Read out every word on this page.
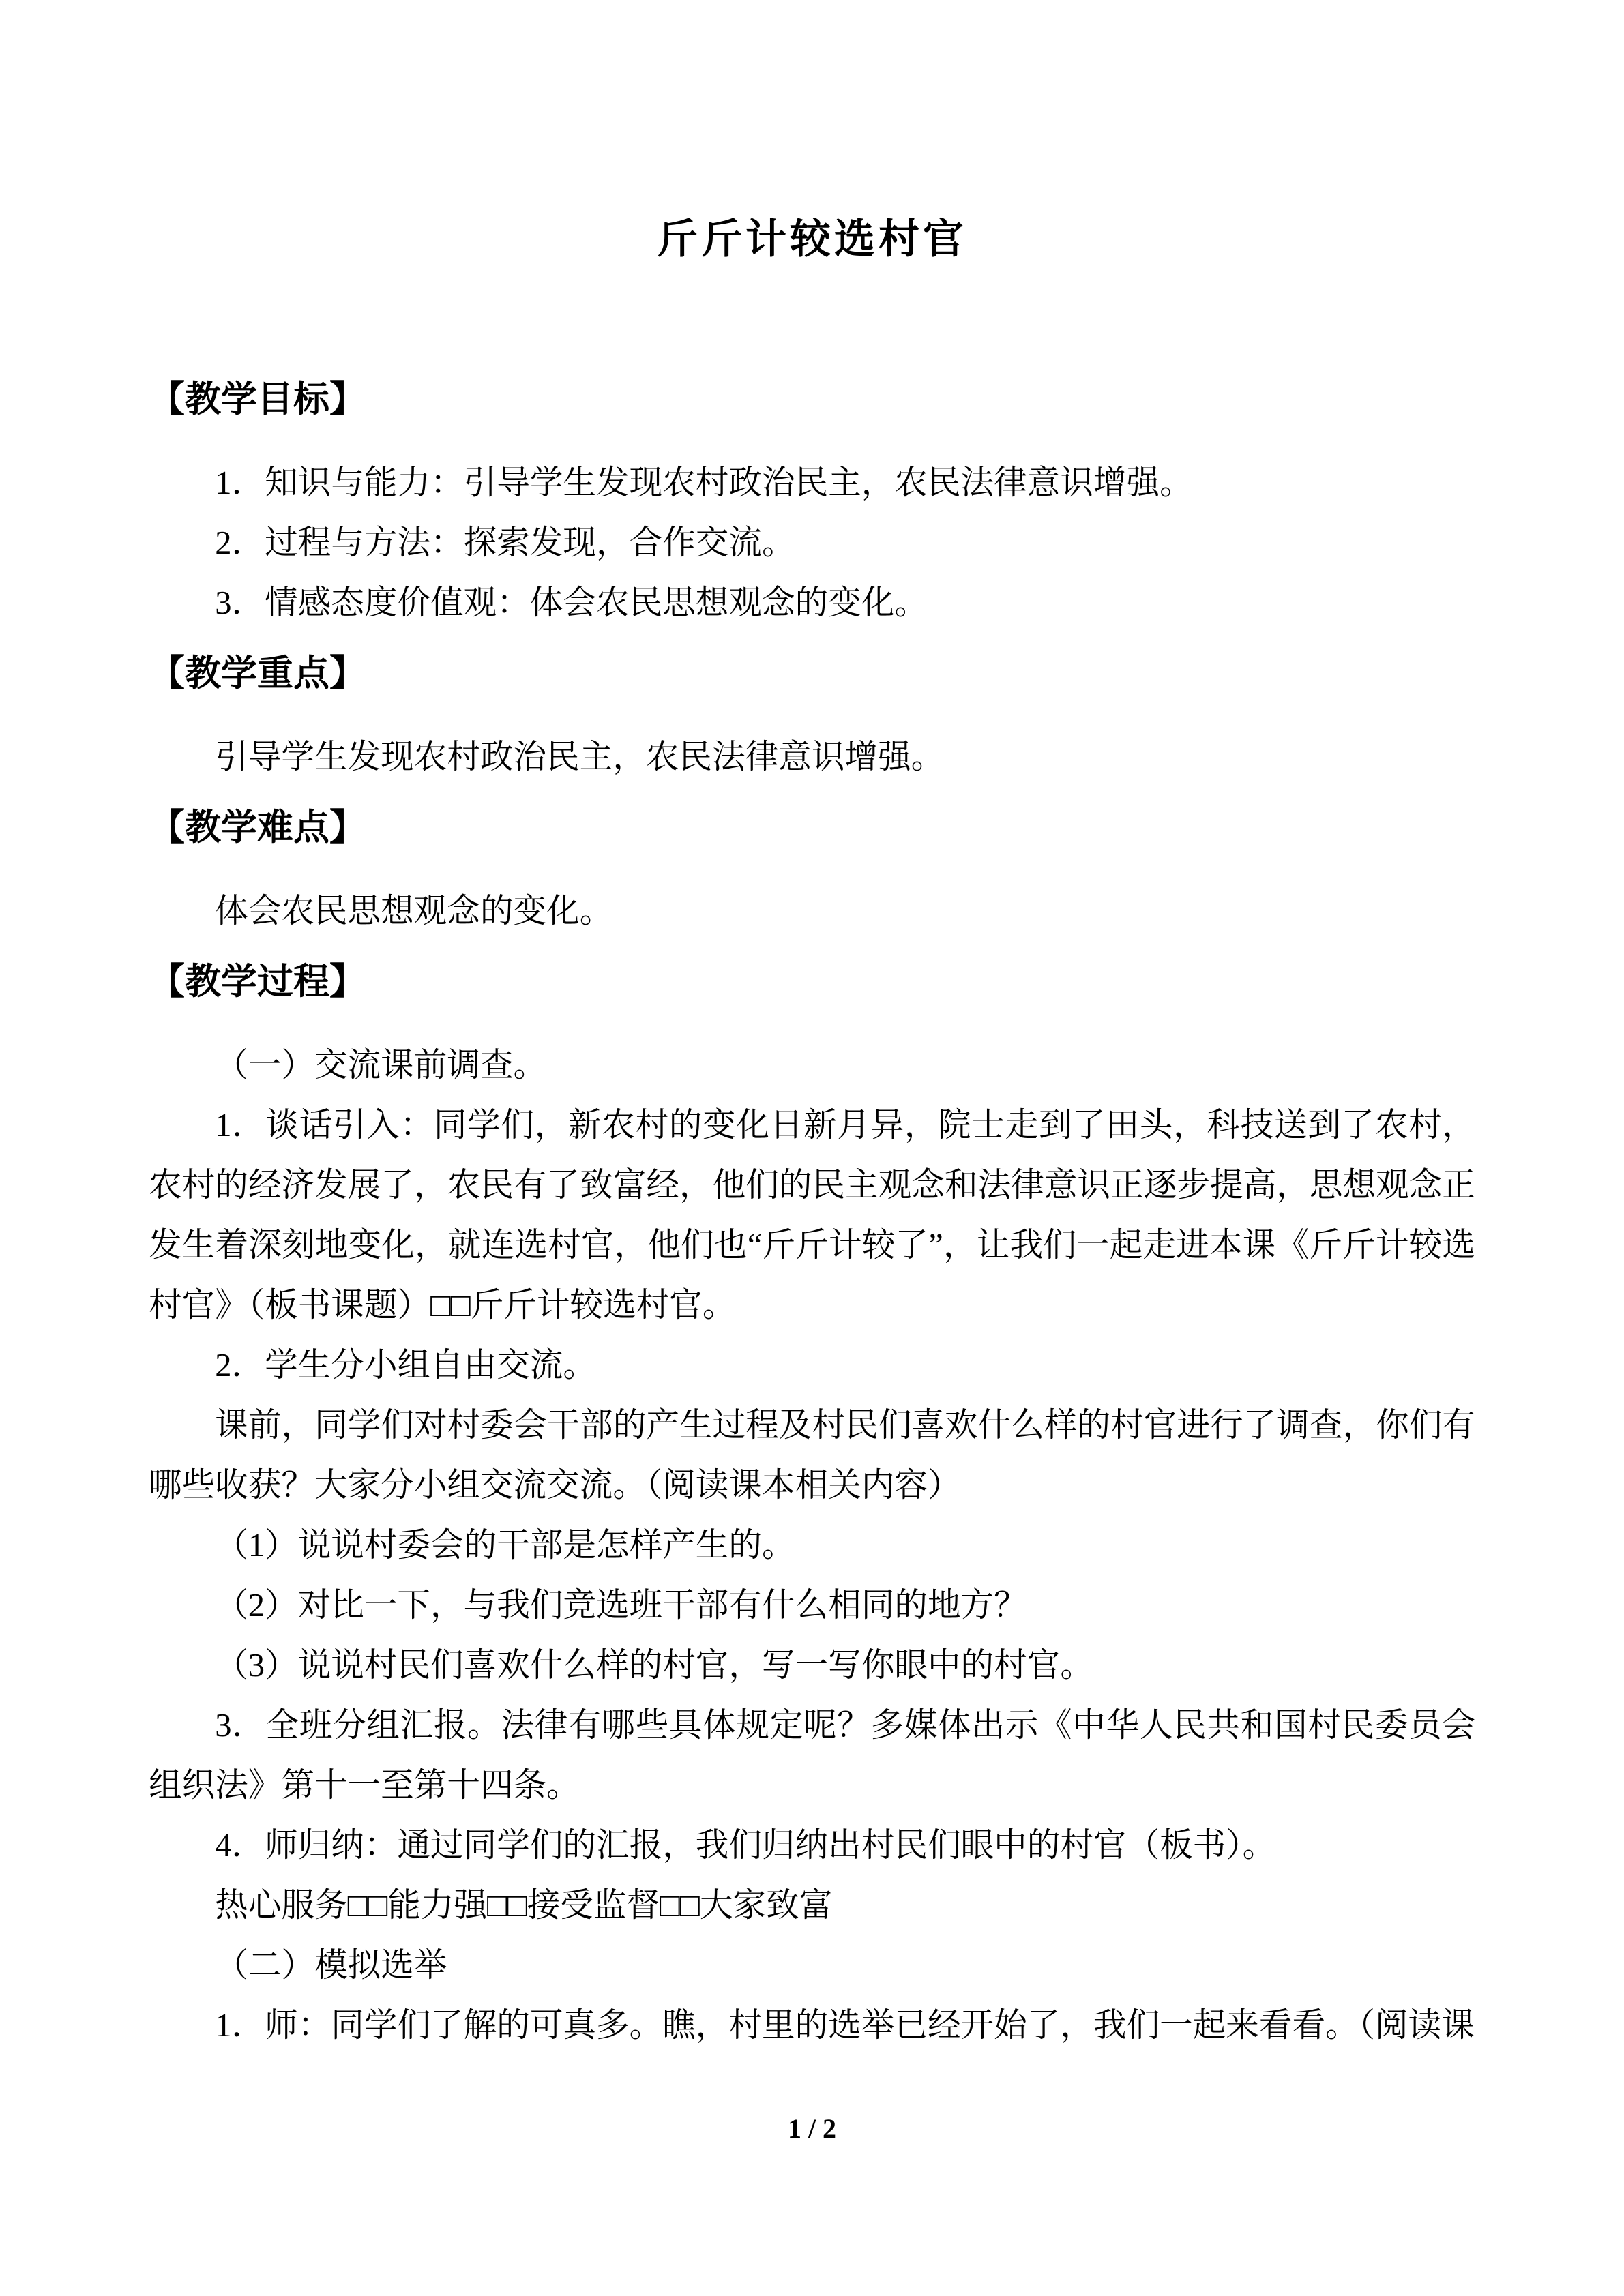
斤斤计较选村官
【教学目标】

1．知识与能力：引导学生发现农村政治民主，农民法律意识增强。

2．过程与方法：探索发现，合作交流。

3．情感态度价值观：体会农民思想观念的变化。

【教学重点】

引导学生发现农村政治民主，农民法律意识增强。

【教学难点】

体会农民思想观念的变化。

【教学过程】

（一）交流课前调查。

1．谈话引入：同学们，新农村的变化日新月异，院士走到了田头，科技送到了农村，农村的经济发展了，农民有了致富经，他们的民主观念和法律意识正逐步提高，思想观念正发生着深刻地变化，就连选村官，他们也“斤斤计较了”，让我们一起走进本课《斤斤计较选村官》（板书课题）□□斤斤计较选村官。

2．学生分小组自由交流。

课前，同学们对村委会干部的产生过程及村民们喜欢什么样的村官进行了调查，你们有哪些收获？大家分小组交流交流。（阅读课本相关内容）

（1）说说村委会的干部是怎样产生的。

（2）对比一下，与我们竞选班干部有什么相同的地方？

（3）说说村民们喜欢什么样的村官，写一写你眼中的村官。

3．全班分组汇报。法律有哪些具体规定呢？多媒体出示《中华人民共和国村民委员会组织法》第十一至第十四条。

4．师归纳：通过同学们的汇报，我们归纳出村民们眼中的村官（板书）。

热心服务□□能力强□□接受监督□□大家致富

（二）模拟选举

1．师：同学们了解的可真多。瞧，村里的选举已经开始了，我们一起来看看。（阅读课

1 / 2
